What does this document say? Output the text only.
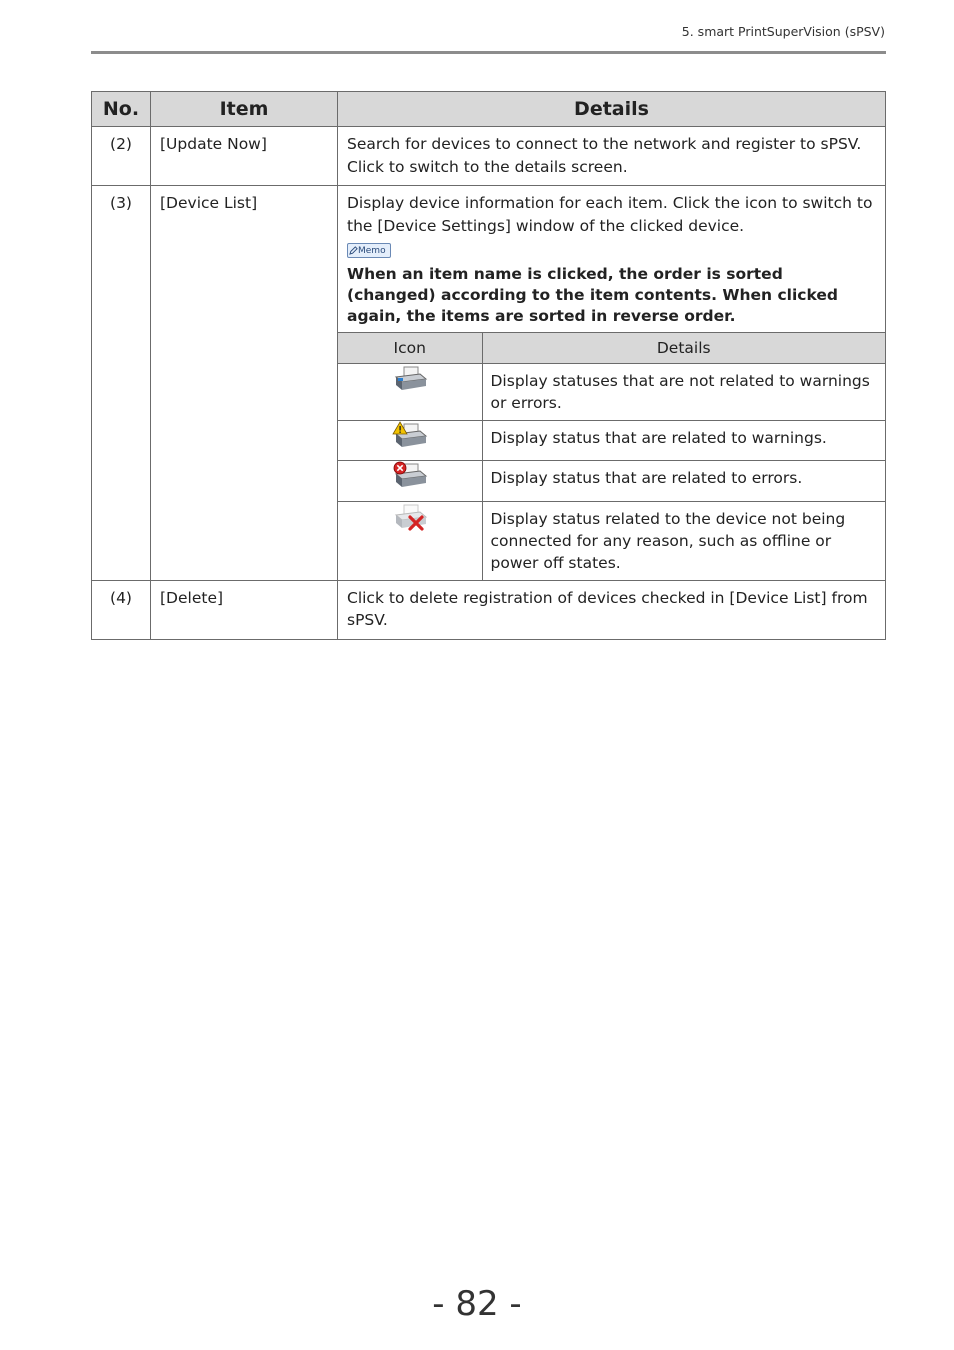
5. smart PrintSuperVision (sPSV)
No.	Item	Details
(2)	[Update Now]	Search for devices to connect to the network and register to sPSV. Click to switch to the details screen.
(3)	[Device List]	Display device information for each item. Click the icon to switch to the [Device Settings] window of the clicked device.
Memo
When an item name is clicked, the order is sorted (changed) according to the item contents. When clicked again, the items are sorted in reverse order.
Icon	Details
	Display statuses that are not related to warnings or errors.
	Display status that are related to warnings.
	Display status that are related to errors.
	Display status related to the device not being connected for any reason, such as offline or power off states.

(4)	[Delete]	Click to delete registration of devices checked in [Device List] from sPSV.
- 82 -
